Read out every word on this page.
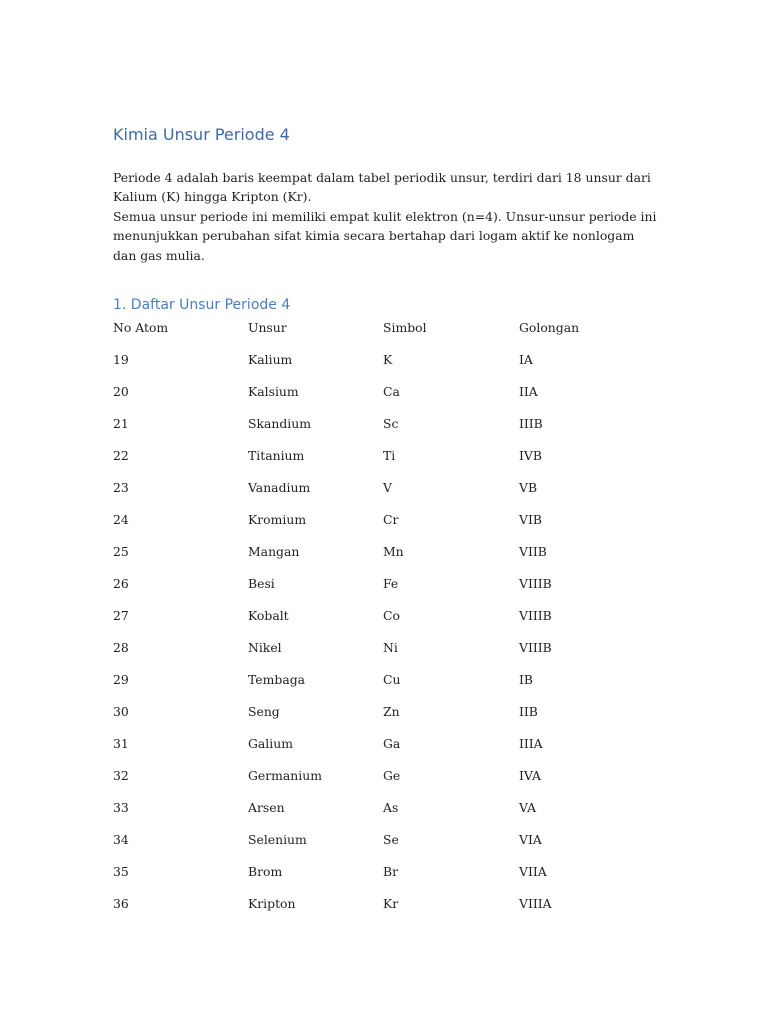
Kimia Unsur Periode 4

Periode 4 adalah baris keempat dalam tabel periodik unsur, terdiri dari 18 unsur dari Kalium (K) hingga Kripton (Kr).

Semua unsur periode ini memiliki empat kulit elektron (n=4). Unsur-unsur periode ini menunjukkan perubahan sifat kimia secara bertahap dari logam aktif ke nonlogam dan gas mulia.

1. Daftar Unsur Periode 4
No Atom	Unsur	Simbol	Golongan
19	Kalium	K	IA
20	Kalsium	Ca	IIA
21	Skandium	Sc	IIIB
22	Titanium	Ti	IVB
23	Vanadium	V	VB
24	Kromium	Cr	VIB
25	Mangan	Mn	VIIB
26	Besi	Fe	VIIIB
27	Kobalt	Co	VIIIB
28	Nikel	Ni	VIIIB
29	Tembaga	Cu	IB
30	Seng	Zn	IIB
31	Galium	Ga	IIIA
32	Germanium	Ge	IVA
33	Arsen	As	VA
34	Selenium	Se	VIA
35	Brom	Br	VIIA
36	Kripton	Kr	VIIIA
